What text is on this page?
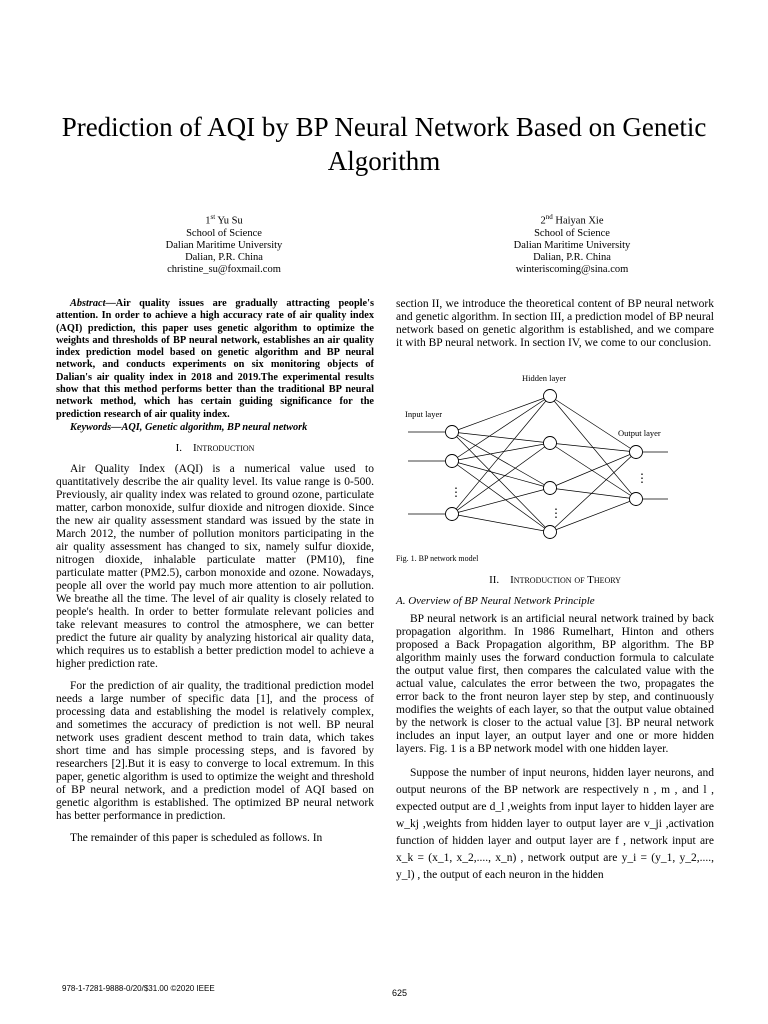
Prediction of AQI by BP Neural Network Based on Genetic Algorithm
1st Yu Su
School of Science
Dalian Maritime University
Dalian, P.R. China
christine_su@foxmail.com
2nd Haiyan Xie
School of Science
Dalian Maritime University
Dalian, P.R. China
winteriscoming@sina.com

Abstract—Air quality issues are gradually attracting people's attention. In order to achieve a high accuracy rate of air quality index (AQI) prediction, this paper uses genetic algorithm to optimize the weights and thresholds of BP neural network, establishes an air quality index prediction model based on genetic algorithm and BP neural network, and conducts experiments on six monitoring objects of Dalian's air quality index in 2018 and 2019.The experimental results show that this method performs better than the traditional BP neural network method, which has certain guiding significance for the prediction research of air quality index.

Keywords—AQI, Genetic algorithm, BP neural network

I. Introduction

Air Quality Index (AQI) is a numerical value used to quantitatively describe the air quality level. Its value range is 0-500. Previously, air quality index was related to ground ozone, particulate matter, carbon monoxide, sulfur dioxide and nitrogen dioxide. Since the new air quality assessment standard was issued by the state in March 2012, the number of pollution monitors participating in the air quality assessment has changed to six, namely sulfur dioxide, nitrogen dioxide, inhalable particulate matter (PM10), fine particulate matter (PM2.5), carbon monoxide and ozone. Nowadays, people all over the world pay much more attention to air pollution. We breathe all the time. The level of air quality is closely related to people's health. In order to better formulate relevant policies and take relevant measures to control the atmosphere, we can better predict the future air quality by analyzing historical air quality data, which requires us to establish a better prediction model to achieve a higher prediction rate.

For the prediction of air quality, the traditional prediction model needs a large number of specific data [1], and the process of processing data and establishing the model is relatively complex, and sometimes the accuracy of prediction is not well. BP neural network uses gradient descent method to train data, which takes short time and has simple processing steps, and is favored by researchers [2].But it is easy to converge to local extremum. In this paper, genetic algorithm is used to optimize the weight and threshold of BP neural network, and a prediction model of AQI based on genetic algorithm is established. The optimized BP neural network has better performance in prediction.

The remainder of this paper is scheduled as follows. In

section II, we introduce the theoretical content of BP neural network and genetic algorithm. In section III, a prediction model of BP neural network based on genetic algorithm is established, and we compare it with BP neural network. In section IV, we come to our conclusion.

Hidden layer
Input layer
Output layer
⋮
⋮
⋮
Fig. 1. BP network model
II. Introduction of Theory
A. Overview of BP Neural Network Principle

BP neural network is an artificial neural network trained by back propagation algorithm. In 1986 Rumelhart, Hinton and others proposed a Back Propagation algorithm, BP algorithm. The BP algorithm mainly uses the forward conduction formula to calculate the output value first, then compares the calculated value with the actual value, calculates the error between the two, propagates the error back to the front neuron layer step by step, and continuously modifies the weights of each layer, so that the output value obtained by the network is closer to the actual value [3]. BP neural network includes an input layer, an output layer and one or more hidden layers. Fig. 1 is a BP network model with one hidden layer.

Suppose the number of input neurons, hidden layer neurons, and output neurons of the BP network are respectively n , m , and l , expected output are d_l ,weights from input layer to hidden layer are w_kj ,weights from hidden layer to output layer are v_ji ,activation function of hidden layer and output layer are f , network input are x_k = (x_1, x_2,...., x_n) , network output are y_i = (y_1, y_2,...., y_l) , the output of each neuron in the hidden

978-1-7281-9888-0/20/$31.00 ©2020 IEEE	625
